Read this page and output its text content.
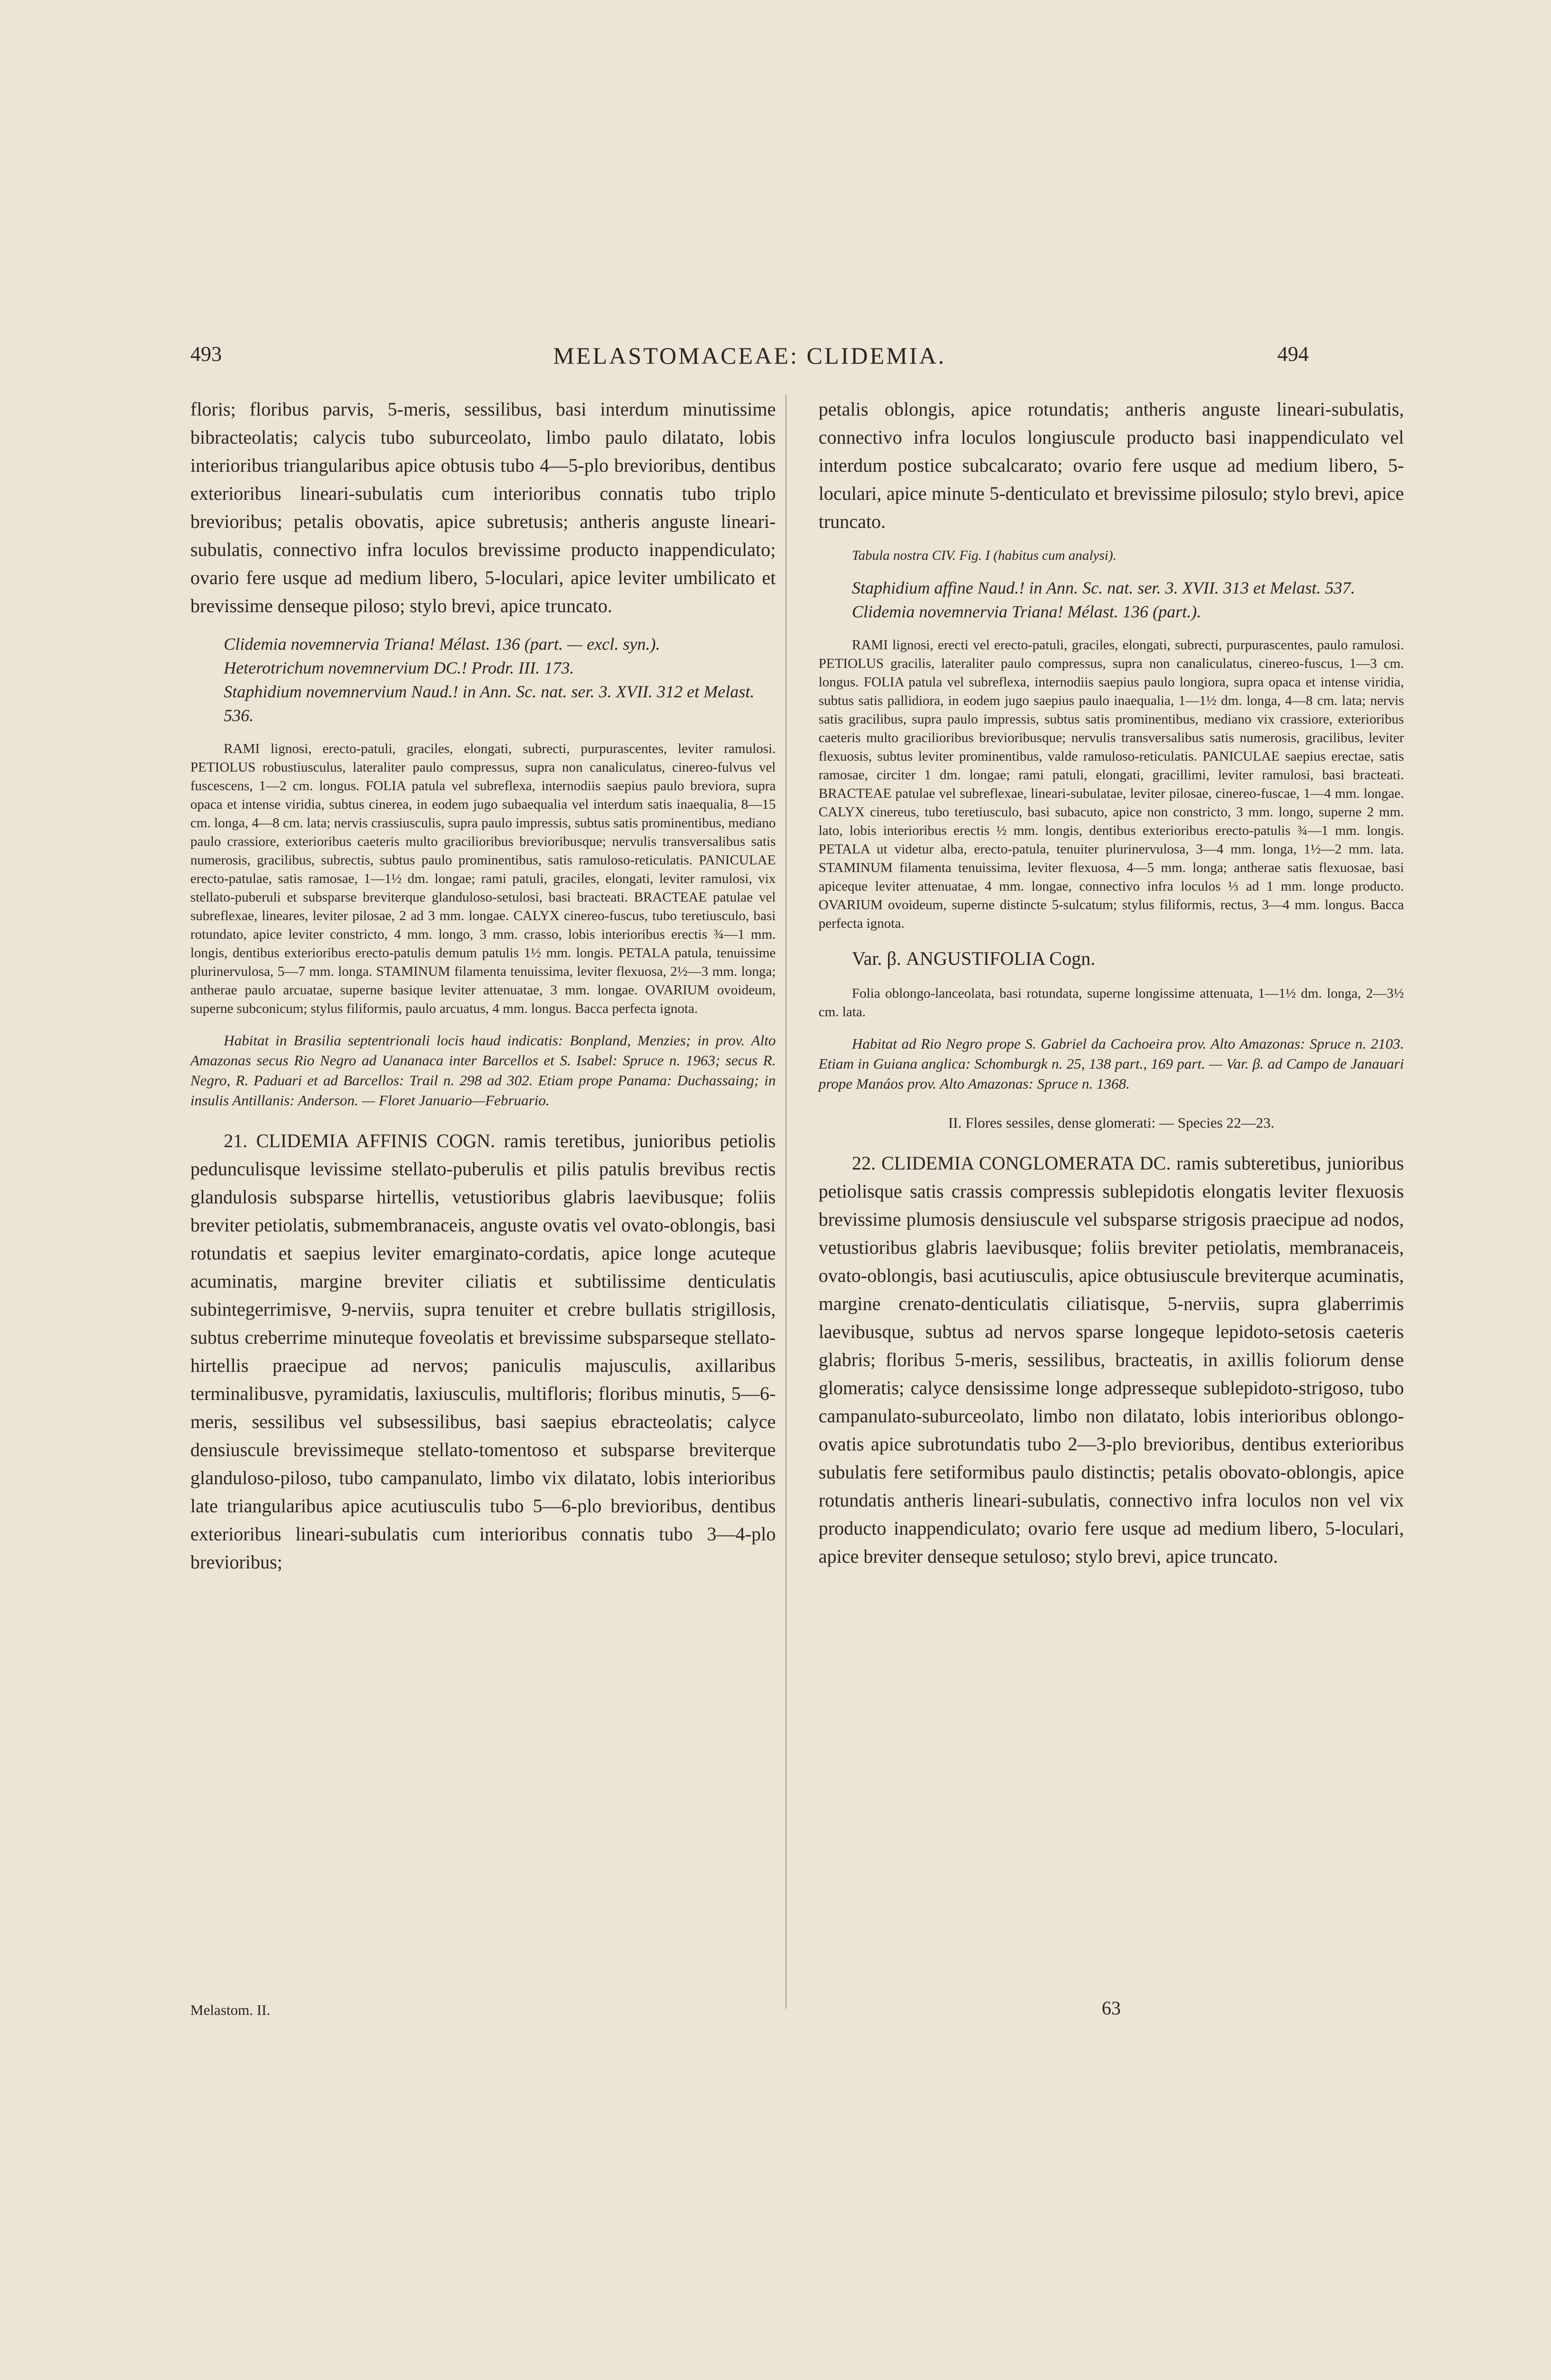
493	MELASTOMACEAE: CLIDEMIA.	494

floris; floribus parvis, 5-meris, sessilibus, basi interdum minutissime bibracteolatis; calycis tubo suburceolato, limbo paulo dilatato, lobis interioribus triangularibus apice obtusis tubo 4—5-plo brevioribus, dentibus exterioribus lineari-subulatis cum interioribus connatis tubo triplo brevioribus; petalis obovatis, apice subretusis; antheris anguste lineari-subulatis, connectivo infra loculos brevissime producto inappendiculato; ovario fere usque ad medium libero, 5-loculari, apice leviter umbilicato et brevissime denseque piloso; stylo brevi, apice truncato.

Clidemia novemnervia Triana! Mélast. 136 (part. — excl. syn.).
Heterotrichum novemnervium DC.! Prodr. III. 173.
Staphidium novemnervium Naud.! in Ann. Sc. nat. ser. 3. XVII. 312 et Melast. 536.

RAMI lignosi, erecto-patuli, graciles, elongati, subrecti, purpurascentes, leviter ramulosi. PETIOLUS robustiusculus, lateraliter paulo compressus, supra non canaliculatus, cinereo-fulvus vel fuscescens, 1—2 cm. longus. FOLIA patula vel subreflexa, internodiis saepius paulo breviora, supra opaca et intense viridia, subtus cinerea, in eodem jugo subaequalia vel interdum satis inaequalia, 8—15 cm. longa, 4—8 cm. lata; nervis crassiusculis, supra paulo impressis, subtus satis prominentibus, mediano paulo crassiore, exterioribus caeteris multo gracilioribus brevioribusque; nervulis transversalibus satis numerosis, gracilibus, subrectis, subtus paulo prominentibus, satis ramuloso-reticulatis. PANICULAE erecto-patulae, satis ramosae, 1—1½ dm. longae; rami patuli, graciles, elongati, leviter ramulosi, vix stellato-puberuli et subsparse breviterque glanduloso-setulosi, basi bracteati. BRACTEAE patulae vel subreflexae, lineares, leviter pilosae, 2 ad 3 mm. longae. CALYX cinereo-fuscus, tubo teretiusculo, basi rotundato, apice leviter constricto, 4 mm. longo, 3 mm. crasso, lobis interioribus erectis ¾—1 mm. longis, dentibus exterioribus erecto-patulis demum patulis 1½ mm. longis. PETALA patula, tenuissime plurinervulosa, 5—7 mm. longa. STAMINUM filamenta tenuissima, leviter flexuosa, 2½—3 mm. longa; antherae paulo arcuatae, superne basique leviter attenuatae, 3 mm. longae. OVARIUM ovoideum, superne subconicum; stylus filiformis, paulo arcuatus, 4 mm. longus. Bacca perfecta ignota.

Habitat in Brasilia septentrionali locis haud indicatis: Bonpland, Menzies; in prov. Alto Amazonas secus Rio Negro ad Uananaca inter Barcellos et S. Isabel: Spruce n. 1963; secus R. Negro, R. Paduari et ad Barcellos: Trail n. 298 ad 302. Etiam prope Panama: Duchassaing; in insulis Antillanis: Anderson. — Floret Januario—Februario.

21. CLIDEMIA AFFINIS COGN. ramis teretibus, junioribus petiolis pedunculisque levissime stellato-puberulis et pilis patulis brevibus rectis glandulosis subsparse hirtellis, vetustioribus glabris laevibusque; foliis breviter petiolatis, submembranaceis, anguste ovatis vel ovato-oblongis, basi rotundatis et saepius leviter emarginato-cordatis, apice longe acuteque acuminatis, margine breviter ciliatis et subtilissime denticulatis subintegerrimisve, 9-nerviis, supra tenuiter et crebre bullatis strigillosis, subtus creberrime minuteque foveolatis et brevissime subsparseque stellato-hirtellis praecipue ad nervos; paniculis majusculis, axillaribus terminalibusve, pyramidatis, laxiusculis, multifloris; floribus minutis, 5—6-meris, sessilibus vel subsessilibus, basi saepius ebracteolatis; calyce densiuscule brevissimeque stellato-tomentoso et subsparse breviterque glanduloso-piloso, tubo campanulato, limbo vix dilatato, lobis interioribus late triangularibus apice acutiusculis tubo 5—6-plo brevioribus, dentibus exterioribus lineari-subulatis cum interioribus connatis tubo 3—4-plo brevioribus;

petalis oblongis, apice rotundatis; antheris anguste lineari-subulatis, connectivo infra loculos longiuscule producto basi inappendiculato vel interdum postice subcalcarato; ovario fere usque ad medium libero, 5-loculari, apice minute 5-denticulato et brevissime pilosulo; stylo brevi, apice truncato.

Tabula nostra CIV. Fig. I (habitus cum analysi).

Staphidium affine Naud.! in Ann. Sc. nat. ser. 3. XVII. 313 et Melast. 537.
Clidemia novemnervia Triana! Mélast. 136 (part.).

RAMI lignosi, erecti vel erecto-patuli, graciles, elongati, subrecti, purpurascentes, paulo ramulosi. PETIOLUS gracilis, lateraliter paulo compressus, supra non canaliculatus, cinereo-fuscus, 1—3 cm. longus. FOLIA patula vel subreflexa, internodiis saepius paulo longiora, supra opaca et intense viridia, subtus satis pallidiora, in eodem jugo saepius paulo inaequalia, 1—1½ dm. longa, 4—8 cm. lata; nervis satis gracilibus, supra paulo impressis, subtus satis prominentibus, mediano vix crassiore, exterioribus caeteris multo gracilioribus brevioribusque; nervulis transversalibus satis numerosis, gracilibus, leviter flexuosis, subtus leviter prominentibus, valde ramuloso-reticulatis. PANICULAE saepius erectae, satis ramosae, circiter 1 dm. longae; rami patuli, elongati, gracillimi, leviter ramulosi, basi bracteati. BRACTEAE patulae vel subreflexae, lineari-subulatae, leviter pilosae, cinereo-fuscae, 1—4 mm. longae. CALYX cinereus, tubo teretiusculo, basi subacuto, apice non constricto, 3 mm. longo, superne 2 mm. lato, lobis interioribus erectis ½ mm. longis, dentibus exterioribus erecto-patulis ¾—1 mm. longis. PETALA ut videtur alba, erecto-patula, tenuiter plurinervulosa, 3—4 mm. longa, 1½—2 mm. lata. STAMINUM filamenta tenuissima, leviter flexuosa, 4—5 mm. longa; antherae satis flexuosae, basi apiceque leviter attenuatae, 4 mm. longae, connectivo infra loculos ⅓ ad 1 mm. longe producto. OVARIUM ovoideum, superne distincte 5-sulcatum; stylus filiformis, rectus, 3—4 mm. longus. Bacca perfecta ignota.

Var. β. ANGUSTIFOLIA Cogn.

Folia oblongo-lanceolata, basi rotundata, superne longissime attenuata, 1—1½ dm. longa, 2—3½ cm. lata.

Habitat ad Rio Negro prope S. Gabriel da Cachoeira prov. Alto Amazonas: Spruce n. 2103. Etiam in Guiana anglica: Schomburgk n. 25, 138 part., 169 part. — Var. β. ad Campo de Janauari prope Manáos prov. Alto Amazonas: Spruce n. 1368.

II. Flores sessiles, dense glomerati: — Species 22—23.

22. CLIDEMIA CONGLOMERATA DC. ramis subteretibus, junioribus petiolisque satis crassis compressis sublepidotis elongatis leviter flexuosis brevissime plumosis densiuscule vel subsparse strigosis praecipue ad nodos, vetustioribus glabris laevibusque; foliis breviter petiolatis, membranaceis, ovato-oblongis, basi acutiusculis, apice obtusiuscule breviterque acuminatis, margine crenato-denticulatis ciliatisque, 5-nerviis, supra glaberrimis laevibusque, subtus ad nervos sparse longeque lepidoto-setosis caeteris glabris; floribus 5-meris, sessilibus, bracteatis, in axillis foliorum dense glomeratis; calyce densissime longe adpresseque sublepidoto-strigoso, tubo campanulato-suburceolato, limbo non dilatato, lobis interioribus oblongo-ovatis apice subrotundatis tubo 2—3-plo brevioribus, dentibus exterioribus subulatis fere setiformibus paulo distinctis; petalis obovato-oblongis, apice rotundatis antheris lineari-subulatis, connectivo infra loculos non vel vix producto inappendiculato; ovario fere usque ad medium libero, 5-loculari, apice breviter denseque setuloso; stylo brevi, apice truncato.

Melastom. II.	63
